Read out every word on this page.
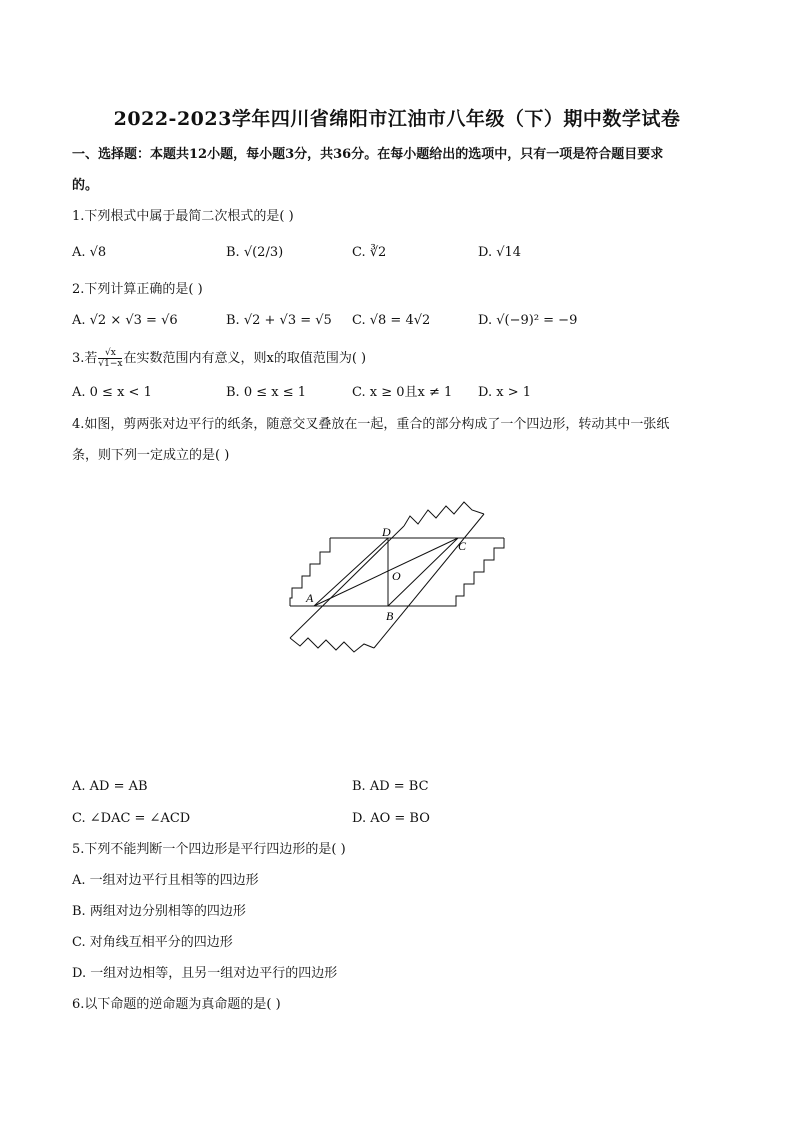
2022-2023学年四川省绵阳市江油市八年级（下）期中数学试卷
一、选择题：本题共12小题，每小题3分，共36分。在每小题给出的选项中，只有一项是符合题目要求
的。
1.下列根式中属于最简二次根式的是( )
A. √8	B. √(2/3)	C. ∛2	D. √14
2.下列计算正确的是( )
A. √2 × √3 = √6	B. √2 + √3 = √5 C. √8 = 4√2	D. √(−9)² = −9
3.若 $\frac{√x}{√1-x}$ 在实数范围内有意义，则x的取值范围为( )
A. 0 ≤ x < 1	B. 0 ≤ x ≤ 1	C. x ≥ 0且x ≠ 1 D. x > 1
4.如图，剪两张对边平行的纸条，随意交叉叠放在一起，重合的部分构成了一个四边形，转动其中一张纸
条，则下列一定成立的是( )
A
B
C
D
O
A. AD = AB	B. AD = BC
C. ∠DAC = ∠ACD	D. AO = BO
5.下列不能判断一个四边形是平行四边形的是( )
A. 一组对边平行且相等的四边形
B. 两组对边分别相等的四边形
C. 对角线互相平分的四边形
D. 一组对边相等，且另一组对边平行的四边形
6.以下命题的逆命题为真命题的是( )
